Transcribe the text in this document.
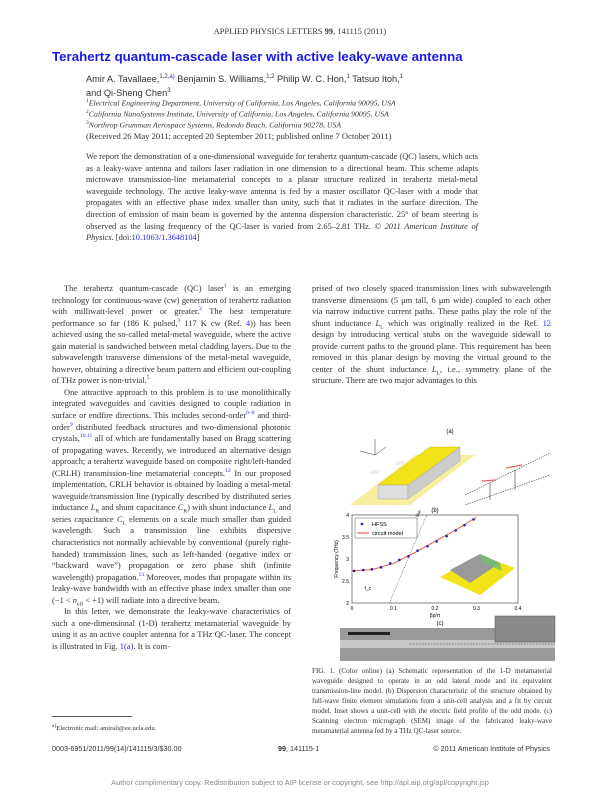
APPLIED PHYSICS LETTERS 99, 141115 (2011)
Terahertz quantum-cascade laser with active leaky-wave antenna
Amir A. Tavallaee,$^{1,2,a)}$ Benjamin S. Williams,$^{1,2}$ Philip W. C. Hon,$^1$ Tatsuo Itoh,$^1$
and Qi-Sheng Chen$^3$
$^1$Electrical Engineering Department, University of California, Los Angeles, California 90095, USA
$^2$California NanoSystems Institute, University of California, Los Angeles, California 90095, USA
$^3$Northrop Grumman Aerospace Systems, Redondo Beach, California 90278, USA
(Received 26 May 2011; accepted 20 September 2011; published online 7 October 2011)
We report the demonstration of a one-dimensional waveguide for terahertz quantum-cascade (QC) lasers, which acts as a leaky-wave antenna and tailors laser radiation in one dimension to a directional beam. This scheme adapts microwave transmission-line metamaterial concepts to a planar structure realized in terahertz metal-metal waveguide technology. The active leaky-wave antenna is fed by a master oscillator QC-laser with a mode that propagates with an effective phase index smaller than unity, such that it radiates in the surface direction. The direction of emission of main beam is governed by the antenna dispersion characteristic. 25° of beam steering is observed as the lasing frequency of the QC-laser is varied from 2.65–2.81 THz. © 2011 American Institute of Physics. [doi:10.1063/1.3648104]

The terahertz quantum-cascade (QC) laser$^1$ is an emerging technology for continuous-wave (cw) generation of terahertz radiation with milliwatt-level power or greater.$^2$ The best temperature performance so far (186 K pulsed,$^3$ 117 K cw (Ref. 4)) has been achieved using the so-called metal-metal waveguide, where the active gain material is sandwiched between metal cladding layers. Due to the subwavelength transverse dimensions of the metal-metal waveguide, however, obtaining a directive beam pattern and efficient out-coupling of THz power is non-trivial.$^5$

One attractive approach to this problem is to use monolithically integrated waveguides and cavities designed to couple radiation in surface or endfire directions. This includes second-order$^{6-8}$ and third-order$^9$ distributed feedback structures and two-dimensional photonic crystals,$^{10,11}$ all of which are fundamentally based on Bragg scattering of propagating waves. Recently, we introduced an alternative design approach; a terahertz waveguide based on composite right/left-handed (CRLH) transmission-line metamaterial concepts.$^{12}$ In our proposed implementation, CRLH behavior is obtained by loading a metal-metal waveguide/transmission line (typically described by distributed series inductance $L_R$ and shunt capacitance $C_R$) with shunt inductance $L_L$ and series capacitance $C_L$ elements on a scale much smaller than guided wavelength. Such a transmission line exhibits dispersive characteristics not normally achievable by conventional (purely right-handed) transmission lines, such as left-handed (negative index or “backward wave”) propagation or zero phase shift (infinite wavelength) propagation.$^{13}$ Moreover, modes that propagate within its leaky-wave bandwidth with an effective phase index smaller than one $(-1 < n_{eff} < +1)$ will radiate into a directive beam.

In this letter, we demonstrate the leaky-wave characteristics of such a one-dimensional (1-D) terahertz metamaterial waveguide by using it as an active coupler antenna for a THz QC-laser. The concept is illustrated in Fig. 1(a). It is com-

prised of two closely spaced transmission lines with subwavelength transverse dimensions (5 μm tall, 6 μm wide) coupled to each other via narrow inductive current paths. These paths play the role of the shunt inductance $L_L$ which was originally realized in the Ref. 12 design by introducing vertical stubs on the waveguide sidewall to provide current paths to the ground plane. This requirement has been removed in this planar design by moving the virtual ground to the center of the shunt inductance $L_L$, i.e., symmetry plane of the structure. There are two major advantages to this

(a)
0	0.1	0.2	0.3	0.4
2
2.5
3
3.5
4
βp/π
Frequency (THz)
line
f_c
HFSS
circuit model
(b)
(c)
FIG. 1. (Color online) (a) Schematic representation of the 1-D metamaterial waveguide designed to operate in an odd lateral mode and its equivalent transmission-line model. (b) Dispersion characteristic of the structure obtained by full-wave finite element simulations from a unit-cell analysis and a fit by circuit model. Inset shows a unit-cell with the electric field profile of the odd mode. (c) Scanning electron micrograph (SEM) image of the fabricated leaky-wave metamaterial antenna fed by a THz QC-laser source.
$^{a)}$Electronic mail: amirali@ee.ucla.edu.
0003-6951/2011/99(14)/141115/3/$30.00	99, 141115-1	© 2011 American Institute of Physics
Author complimentary copy. Redistribution subject to AIP license or copyright, see http://apl.aip.org/apl/copyright.jsp
